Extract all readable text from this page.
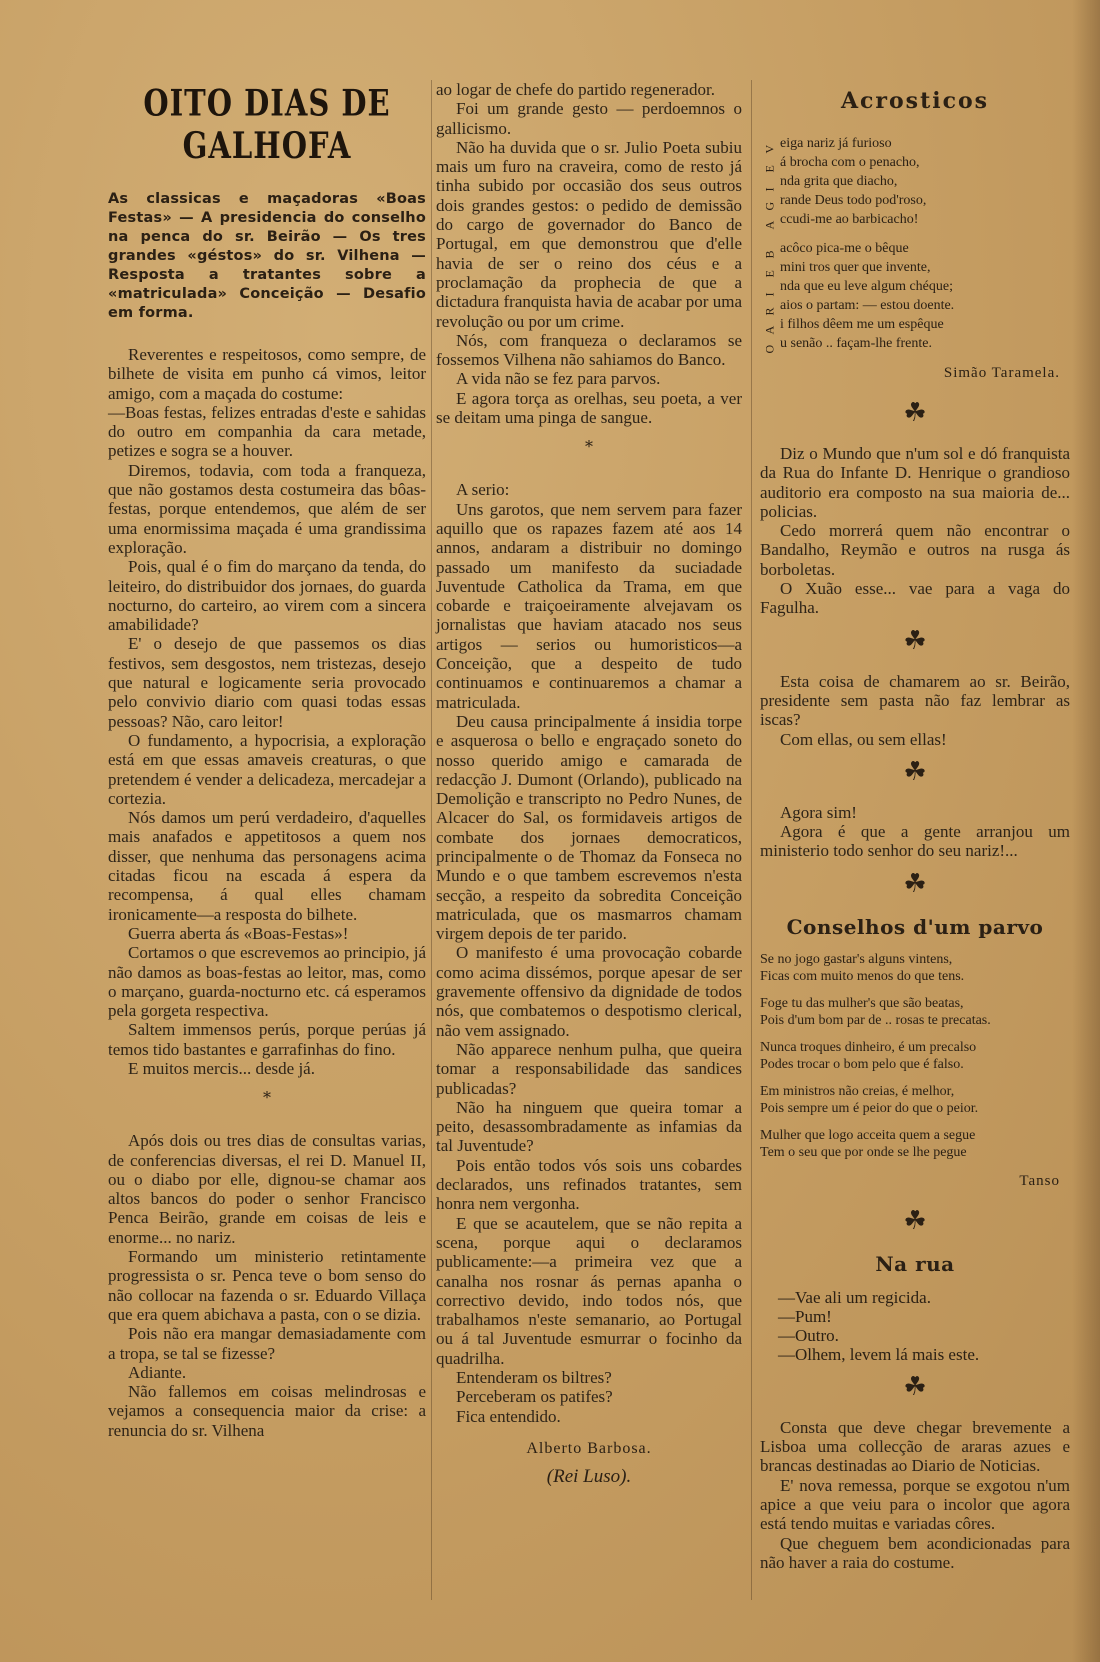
OITO DIAS DE GALHOFA
As classicas e maçadoras «Boas Festas» — A presidencia do conselho na penca do sr. Beirão — Os tres grandes «géstos» do sr. Vilhena — Resposta a tratantes sobre a «matriculada» Conceição — Desafio em forma.

Reverentes e respeitosos, como sempre, de bilhete de visita em punho cá vimos, leitor amigo, com a maçada do costume:

—Boas festas, felizes entradas d'este e sahidas do outro em companhia da cara metade, petizes e sogra se a houver.

Diremos, todavia, com toda a franqueza, que não gostamos desta costumeira das bôas-festas, porque entendemos, que além de ser uma enormissima maçada é uma grandissima exploração.

Pois, qual é o fim do marçano da tenda, do leiteiro, do distribuidor dos jornaes, do guarda nocturno, do carteiro, ao virem com a sincera amabilidade?

E' o desejo de que passemos os dias festivos, sem desgostos, nem tristezas, desejo que natural e logicamente seria provocado pelo convivio diario com quasi todas essas pessoas? Não, caro leitor!

O fundamento, a hypocrisia, a exploração está em que essas amaveis creaturas, o que pretendem é vender a delicadeza, mercadejar a cortezia.

Nós damos um perú verdadeiro, d'aquelles mais anafados e appetitosos a quem nos disser, que nenhuma das personagens acima citadas ficou na escada á espera da recompensa, á qual elles chamam ironicamente—a resposta do bilhete.

Guerra aberta ás «Boas-Festas»!

Cortamos o que escrevemos ao principio, já não damos as boas-festas ao leitor, mas, como o marçano, guarda-nocturno etc. cá esperamos pela gorgeta respectiva.

Saltem immensos perús, porque perúas já temos tido bastantes e garrafinhas do fino.

E muitos mercis... desde já.

*

Após dois ou tres dias de consultas varias, de conferencias diversas, el rei D. Manuel II, ou o diabo por elle, dignou-se chamar aos altos bancos do poder o senhor Francisco Penca Beirão, grande em coisas de leis e enorme... no nariz.

Formando um ministerio retintamente progressista o sr. Penca teve o bom senso do não collocar na fazenda o sr. Eduardo Villaça que era quem abichava a pasta, con o se dizia.

Pois não era mangar demasiadamente com a tropa, se tal se fizesse?

Adiante.

Não fallemos em coisas melindrosas e vejamos a consequencia maior da crise: a renuncia do sr. Vilhena

ao logar de chefe do partido regenerador.

Foi um grande gesto — perdoemnos o gallicismo.

Não ha duvida que o sr. Julio Poeta subiu mais um furo na craveira, como de resto já tinha subido por occasião dos seus outros dois grandes gestos: o pedido de demissão do cargo de governador do Banco de Portugal, em que demonstrou que d'elle havia de ser o reino dos céus e a proclamação da prophecia de que a dictadura franquista havia de acabar por uma revolução ou por um crime.

Nós, com franqueza o declaramos se fossemos Vilhena não sahiamos do Banco.

A vida não se fez para parvos.

E agora torça as orelhas, seu poeta, a ver se deitam uma pinga de sangue.

*

A serio:

Uns garotos, que nem servem para fazer aquillo que os rapazes fazem até aos 14 annos, andaram a distribuir no domingo passado um manifesto da suciadade Juventude Catholica da Trama, em que cobarde e traiçoeiramente alvejavam os jornalistas que haviam atacado nos seus artigos — serios ou humoristicos—a Conceição, que a despeito de tudo continuamos e continuaremos a chamar a matriculada.

Deu causa principalmente á insidia torpe e asquerosa o bello e engraçado soneto do nosso querido amigo e camarada de redacção J. Dumont (Orlando), publicado na Demolição e transcripto no Pedro Nunes, de Alcacer do Sal, os formidaveis artigos de combate dos jornaes democraticos, principalmente o de Thomaz da Fonseca no Mundo e o que tambem escrevemos n'esta secção, a respeito da sobredita Conceição matriculada, que os masmarros chamam virgem depois de ter parido.

O manifesto é uma provocação cobarde como acima dissémos, porque apesar de ser gravemente offensivo da dignidade de todos nós, que combatemos o despotismo clerical, não vem assignado.

Não apparece nenhum pulha, que queira tomar a responsabilidade das sandices publicadas?

Não ha ninguem que queira tomar a peito, desassombradamente as infamias da tal Juventude?

Pois então todos vós sois uns cobardes declarados, uns refinados tratantes, sem honra nem vergonha.

E que se acautelem, que se não repita a scena, porque aqui o declaramos publicamente:—a primeira vez que a canalha nos rosnar ás pernas apanha o correctivo devido, indo todos nós, que trabalhamos n'este semanario, ao Portugal ou á tal Juventude esmurrar o focinho da quadrilha.

Entenderam os biltres?

Perceberam os patifes?

Fica entendido.

Alberto Barbosa.
(Rei Luso).
Acrosticos
V eiga nariz já furioso
E á brocha com o penacho,
I
nda grita que diacho,
G rande Deus todo pod'roso,
A ccudi-me ao barbicacho!
B acôco pica-me o bêque
E mini tros quer que invente,
I
nda que eu leve algum chéque;
R aios o partam: — estou doente.
A i filhos dêem me um espêque
O u senão .. façam-lhe frente.
Simão Taramela.
☘

Diz o Mundo que n'um sol e dó franquista da Rua do Infante D. Henrique o grandioso auditorio era composto na sua maioria de... policias.

Cedo morrerá quem não encontrar o Bandalho, Reymão e outros na rusga ás borboletas.

O Xuão esse... vae para a vaga do Fagulha.

☘

Esta coisa de chamarem ao sr. Beirão, presidente sem pasta não faz lembrar as iscas?

Com ellas, ou sem ellas!

☘

Agora sim!

Agora é que a gente arranjou um ministerio todo senhor do seu nariz!...

☘
Conselhos d'um parvo
Se no jogo gastar's alguns vintens,
Ficas com muito menos do que tens.
Foge tu das mulher's que são beatas,
Pois d'um bom par de .. rosas te precatas.
Nunca troques dinheiro, é um precalso
Podes trocar o bom pelo que é falso.
Em ministros não creias, é melhor,
Pois sempre um é peior do que o peior.
Mulher que logo acceita quem a segue
Tem o seu que por onde se lhe pegue
Tanso
☘
Na rua
—Vae ali um regicida.
—Pum!
—Outro.
—Olhem, levem lá mais este.
☘

Consta que deve chegar brevemente a Lisboa uma collecção de araras azues e brancas destinadas ao Diario de Noticias.

E' nova remessa, porque se exgotou n'um apice a que veiu para o incolor que agora está tendo muitas e variadas côres.

Que cheguem bem acondicionadas para não haver a raia do costume.
